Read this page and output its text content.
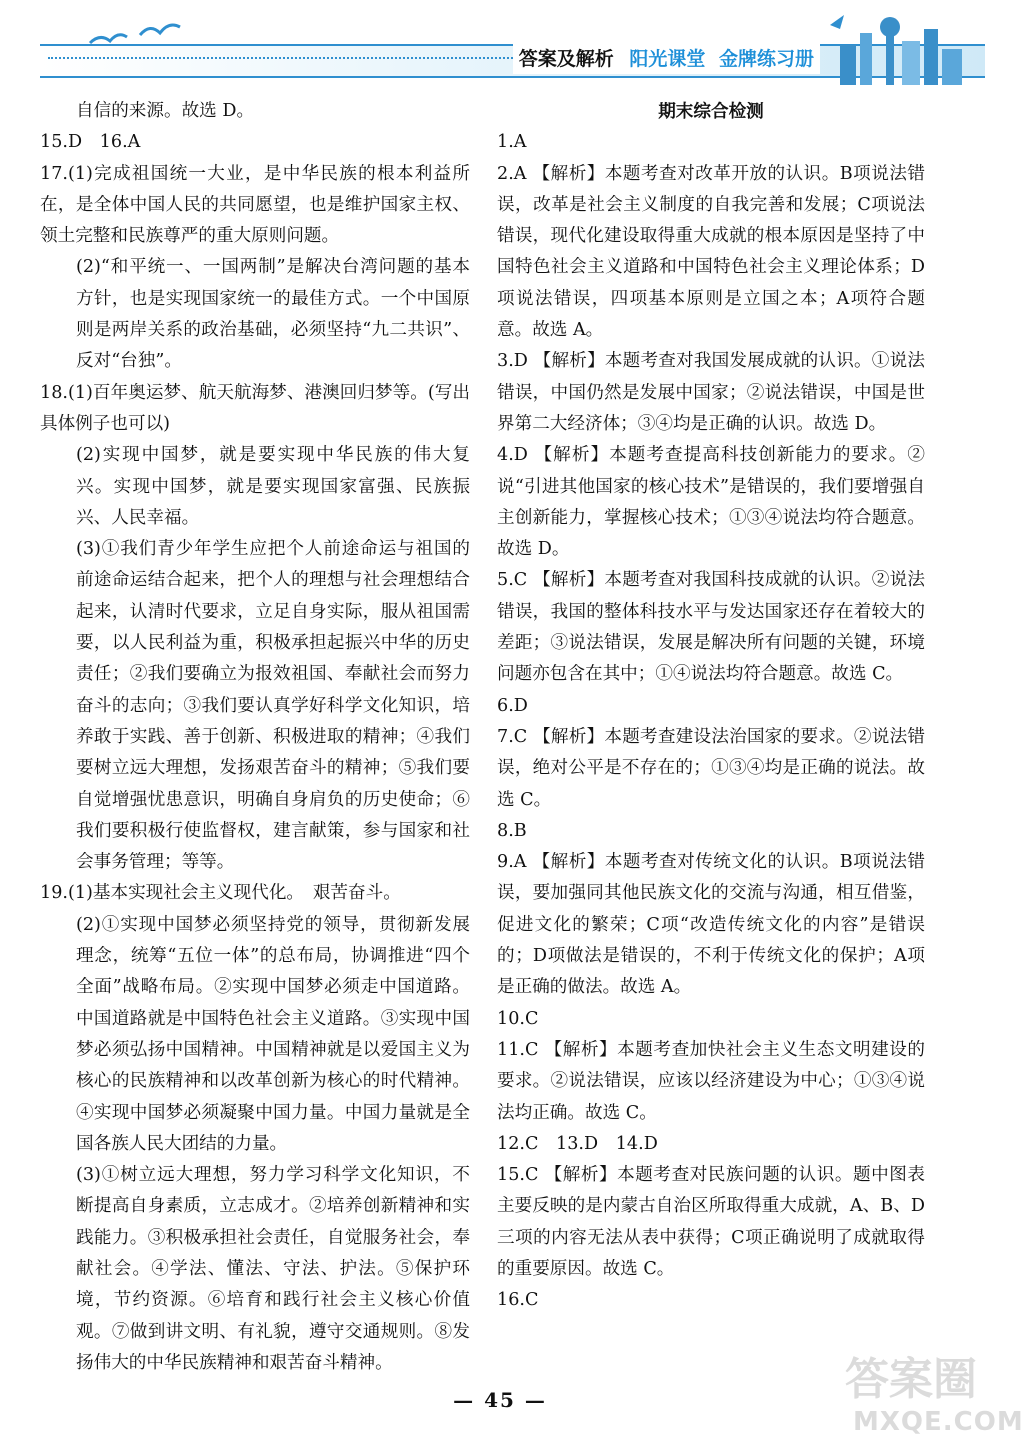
答案及解析 阳光课堂 金牌练习册

自信的来源。故选 D。

15.D　16.A

17.(1)完成祖国统一大业，是中华民族的根本利益所在，是全体中国人民的共同愿望，也是维护国家主权、领土完整和民族尊严的重大原则问题。

(2)“和平统一、一国两制”是解决台湾问题的基本方针，也是实现国家统一的最佳方式。一个中国原则是两岸关系的政治基础，必须坚持“九二共识”、反对“台独”。

18.(1)百年奥运梦、航天航海梦、港澳回归梦等。(写出具体例子也可以)

(2)实现中国梦，就是要实现中华民族的伟大复兴。实现中国梦，就是要实现国家富强、民族振兴、人民幸福。

(3)①我们青少年学生应把个人前途命运与祖国的前途命运结合起来，把个人的理想与社会理想结合起来，认清时代要求，立足自身实际，服从祖国需要，以人民利益为重，积极承担起振兴中华的历史责任；②我们要确立为报效祖国、奉献社会而努力奋斗的志向；③我们要认真学好科学文化知识，培养敢于实践、善于创新、积极进取的精神；④我们要树立远大理想，发扬艰苦奋斗的精神；⑤我们要自觉增强忧患意识，明确自身肩负的历史使命；⑥我们要积极行使监督权，建言献策，参与国家和社会事务管理；等等。

19.(1)基本实现社会主义现代化。　艰苦奋斗。

(2)①实现中国梦必须坚持党的领导，贯彻新发展理念，统筹“五位一体”的总布局，协调推进“四个全面”战略布局。②实现中国梦必须走中国道路。中国道路就是中国特色社会主义道路。③实现中国梦必须弘扬中国精神。中国精神就是以爱国主义为核心的民族精神和以改革创新为核心的时代精神。④实现中国梦必须凝聚中国力量。中国力量就是全国各族人民大团结的力量。

(3)①树立远大理想，努力学习科学文化知识，不断提高自身素质，立志成才。②培养创新精神和实践能力。③积极承担社会责任，自觉服务社会，奉献社会。④学法、懂法、守法、护法。⑤保护环境，节约资源。⑥培育和践行社会主义核心价值观。⑦做到讲文明、有礼貌，遵守交通规则。⑧发扬伟大的中华民族精神和艰苦奋斗精神。

期末综合检测

1.A

2.A 【解析】本题考查对改革开放的认识。B项说法错误，改革是社会主义制度的自我完善和发展；C项说法错误，现代化建设取得重大成就的根本原因是坚持了中国特色社会主义道路和中国特色社会主义理论体系；D项说法错误，四项基本原则是立国之本；A项符合题意。故选 A。

3.D 【解析】本题考查对我国发展成就的认识。①说法错误，中国仍然是发展中国家；②说法错误，中国是世界第二大经济体；③④均是正确的认识。故选 D。

4.D 【解析】本题考查提高科技创新能力的要求。②说“引进其他国家的核心技术”是错误的，我们要增强自主创新能力，掌握核心技术；①③④说法均符合题意。故选 D。

5.C 【解析】本题考查对我国科技成就的认识。②说法错误，我国的整体科技水平与发达国家还存在着较大的差距；③说法错误，发展是解决所有问题的关键，环境问题亦包含在其中；①④说法均符合题意。故选 C。

6.D

7.C 【解析】本题考查建设法治国家的要求。②说法错误，绝对公平是不存在的；①③④均是正确的说法。故选 C。

8.B

9.A 【解析】本题考查对传统文化的认识。B项说法错误，要加强同其他民族文化的交流与沟通，相互借鉴，促进文化的繁荣；C项“改造传统文化的内容”是错误的；D项做法是错误的，不利于传统文化的保护；A项是正确的做法。故选 A。

10.C

11.C 【解析】本题考查加快社会主义生态文明建设的要求。②说法错误，应该以经济建设为中心；①③④说法均正确。故选 C。

12.C　13.D　14.D

15.C 【解析】本题考查对民族问题的认识。题中图表主要反映的是内蒙古自治区所取得重大成就，A、B、D三项的内容无法从表中获得；C项正确说明了成就取得的重要原因。故选 C。

16.C

— 45 —	答案圈
MXQE.COM
